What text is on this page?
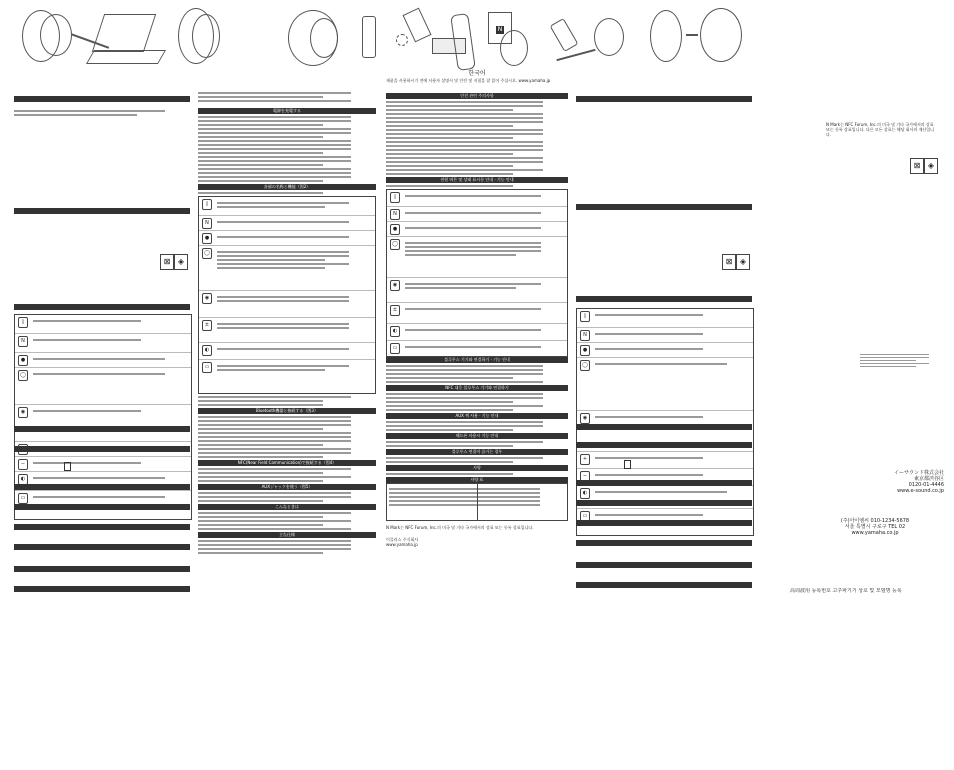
N
⊠ ◈
▯
N
●
◯
◉
−
◐
▭
電源を充電する
各部の名称と機能（図2）
▯
N
●
◯
◉
±
◐
▭
Bluetooth機器と接続する（図3）
NFC(Near Field Communication)で接続する（図4）
AUXジャックを使う（図5）
こんなときは
主な仕様
한국어
제품을 사용하시기 전에 사용자 설명서 및 안전 및 지침을 잘 읽어 주십시오. www.yamaha.jp
안전 관련 주의사항
전원 버튼 및 상태 표시등 안내 · 기능 안내
▯
N
●
◯
◉
±
◐
▭
블루투스 기기와 연결하기 · 기능 안내
NFC 대응 블루투스 기기와 연결하기
AUX 잭 사용 · 기능 안내
헤드폰 사용시 기능 안내
블루투스 연결이 끊기는 경우
사양
사양 표
N Mark는 NFC Forum, Inc.의 미국 및 기타 국가에서의 상표 또는 등록 상표입니다.
이플러스 주식회사
www.yamaha.jp
⊠ ◈
▯
N
●
◯
◉
+
−
◐
▭
N Mark는 NFC Forum, Inc.의 미국 및 기타 국가에서의 상표 또는 등록 상표입니다. 다른 모든 상표는 해당 회사의 재산입니다.
⊠ ◈
イーサウンド株式会社
東京都渋谷区
0120-01-4446
www.e-sound.co.jp
(주)아이엠씨 010-1234-5678
서울 특별시 구로구 TEL 02
www.yamaha.co.jp
高周波用 등록번호 고주파기기 상호 및 모델명 등록
